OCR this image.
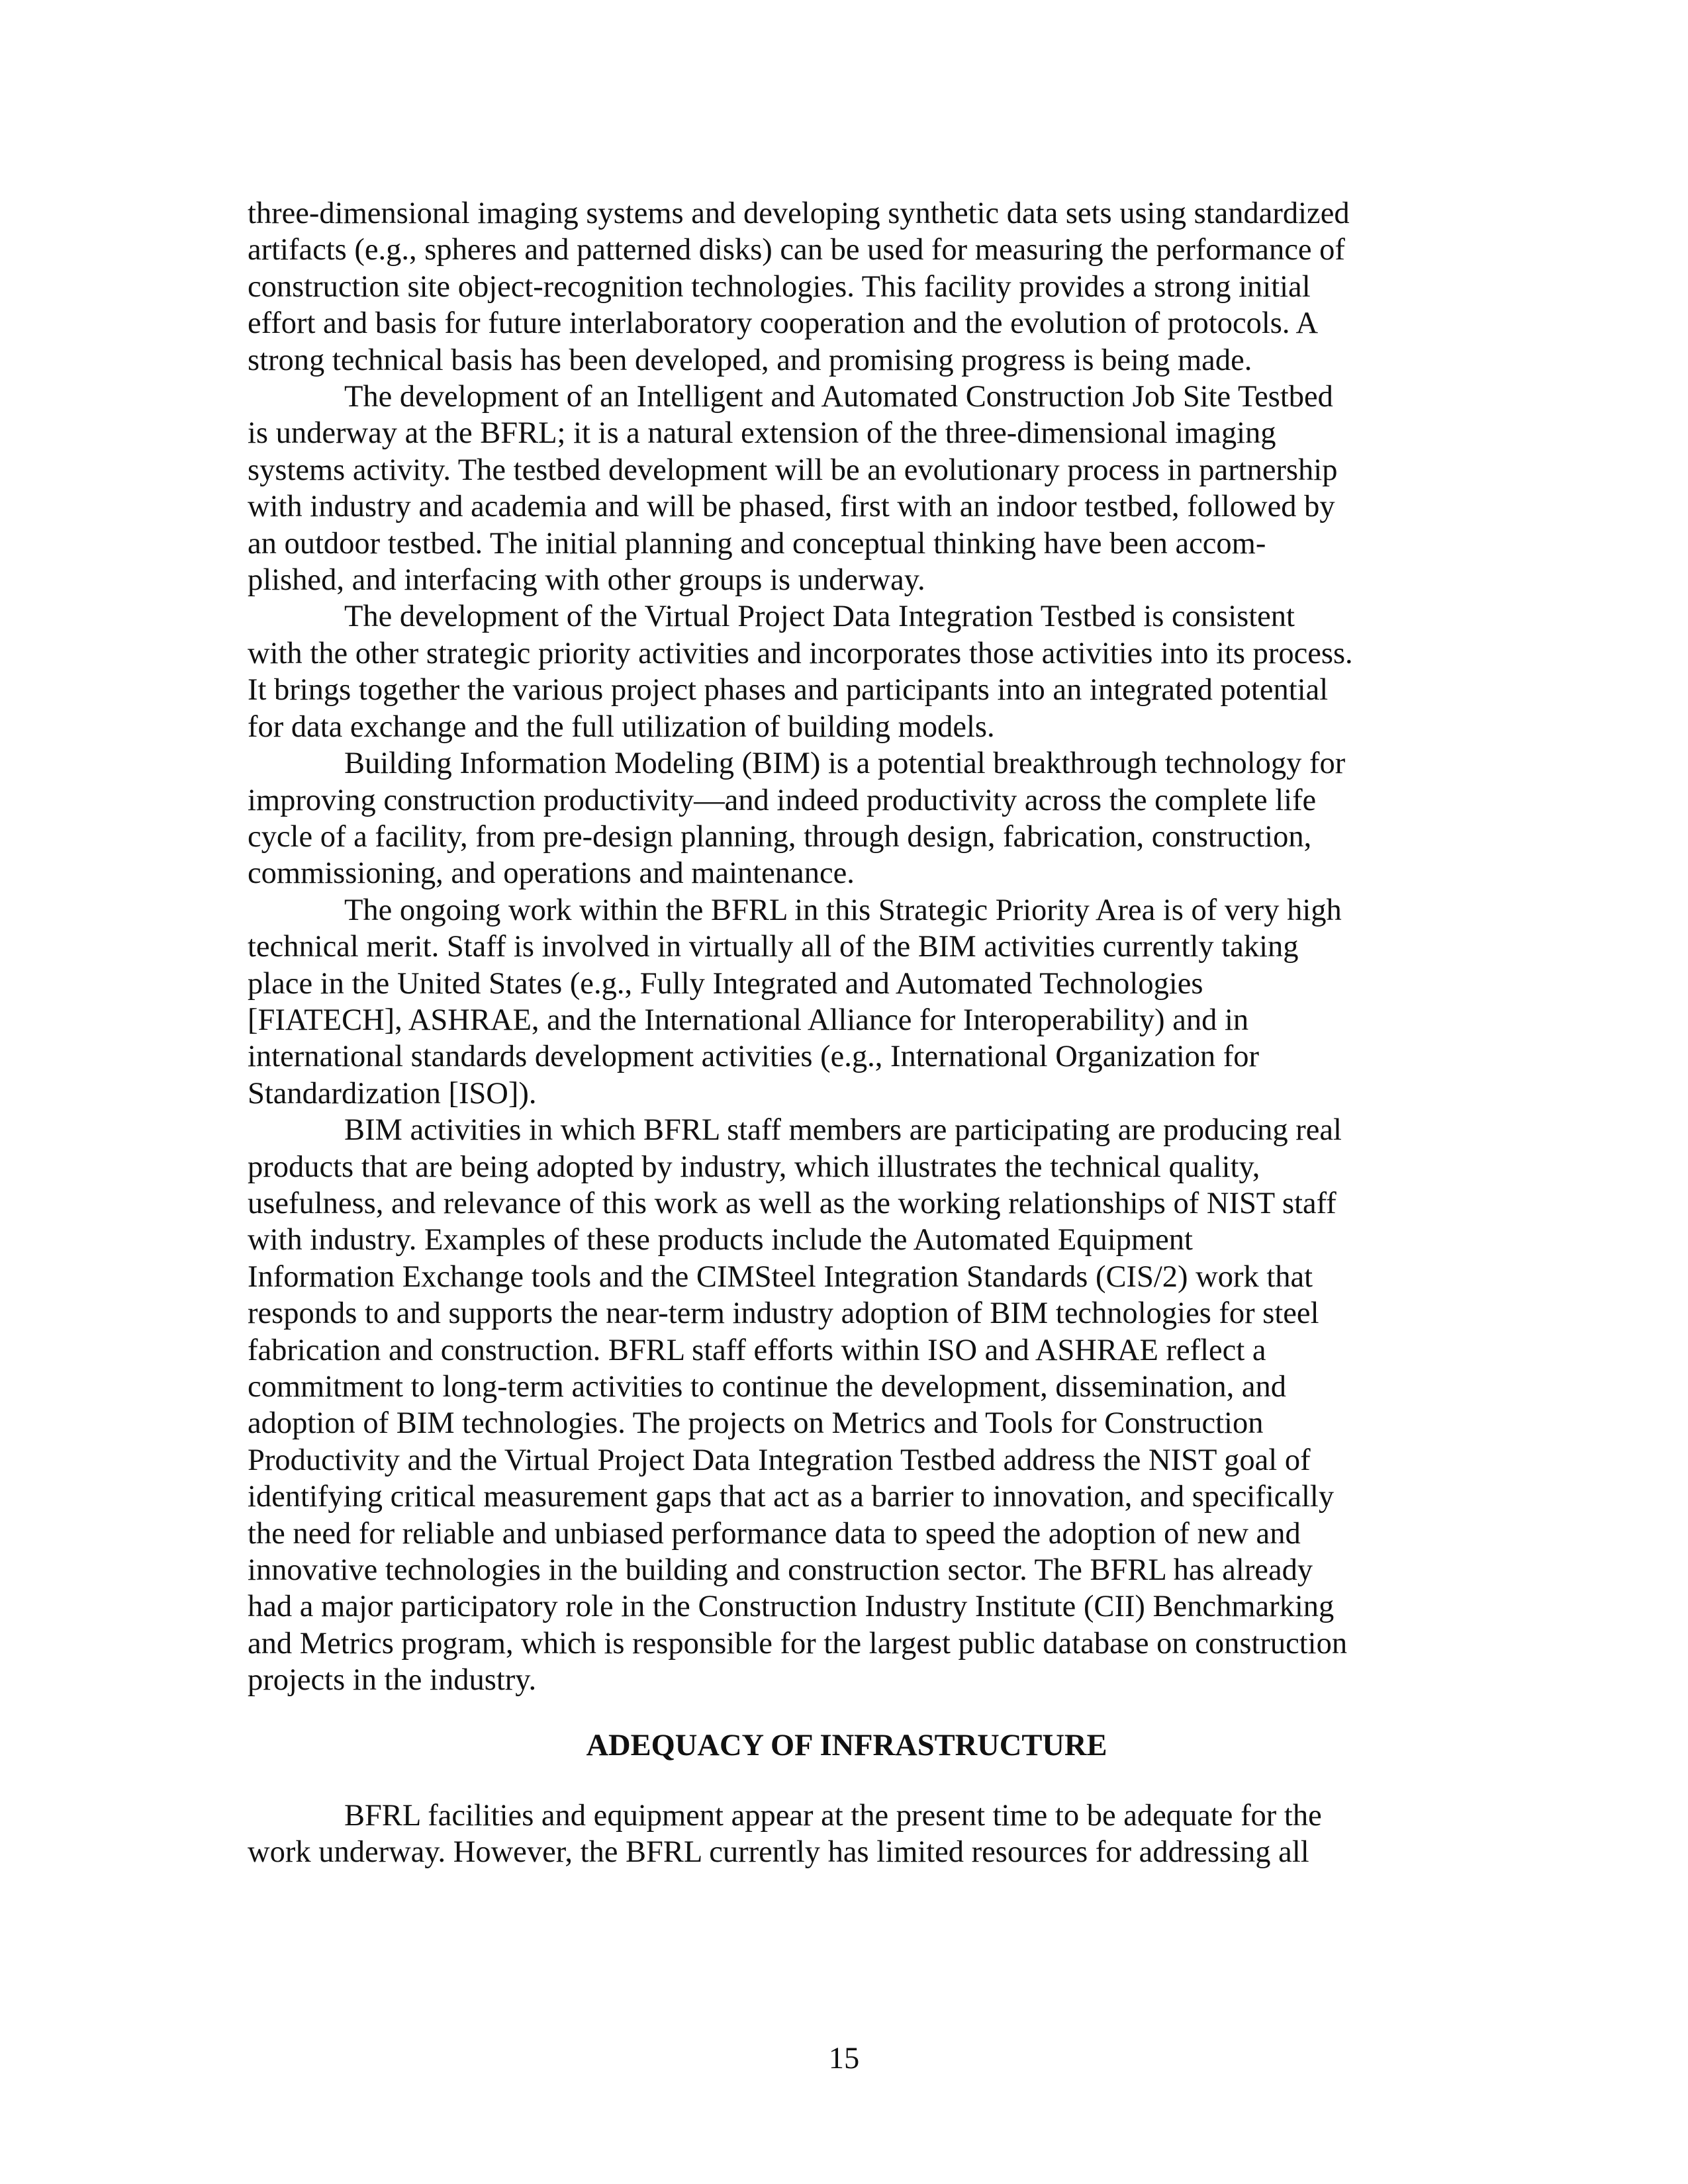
three-dimensional imaging systems and developing synthetic data sets using standardized
artifacts (e.g., spheres and patterned disks) can be used for measuring the performance of
construction site object-recognition technologies. This facility provides a strong initial
effort and basis for future interlaboratory cooperation and the evolution of protocols. A
strong technical basis has been developed, and promising progress is being made.

The development of an Intelligent and Automated Construction Job Site Testbed
is underway at the BFRL; it is a natural extension of the three-dimensional imaging
systems activity. The testbed development will be an evolutionary process in partnership
with industry and academia and will be phased, first with an indoor testbed, followed by
an outdoor testbed. The initial planning and conceptual thinking have been accom-
plished, and interfacing with other groups is underway.

The development of the Virtual Project Data Integration Testbed is consistent
with the other strategic priority activities and incorporates those activities into its process.
It brings together the various project phases and participants into an integrated potential
for data exchange and the full utilization of building models.

Building Information Modeling (BIM) is a potential breakthrough technology for
improving construction productivity—and indeed productivity across the complete life
cycle of a facility, from pre-design planning, through design, fabrication, construction,
commissioning, and operations and maintenance.

The ongoing work within the BFRL in this Strategic Priority Area is of very high
technical merit. Staff is involved in virtually all of the BIM activities currently taking
place in the United States (e.g., Fully Integrated and Automated Technologies
[FIATECH], ASHRAE, and the International Alliance for Interoperability) and in
international standards development activities (e.g., International Organization for
Standardization [ISO]).

BIM activities in which BFRL staff members are participating are producing real
products that are being adopted by industry, which illustrates the technical quality,
usefulness, and relevance of this work as well as the working relationships of NIST staff
with industry. Examples of these products include the Automated Equipment
Information Exchange tools and the CIMSteel Integration Standards (CIS/2) work that
responds to and supports the near-term industry adoption of BIM technologies for steel
fabrication and construction. BFRL staff efforts within ISO and ASHRAE reflect a
commitment to long-term activities to continue the development, dissemination, and
adoption of BIM technologies. The projects on Metrics and Tools for Construction
Productivity and the Virtual Project Data Integration Testbed address the NIST goal of
identifying critical measurement gaps that act as a barrier to innovation, and specifically
the need for reliable and unbiased performance data to speed the adoption of new and
innovative technologies in the building and construction sector. The BFRL has already
had a major participatory role in the Construction Industry Institute (CII) Benchmarking
and Metrics program, which is responsible for the largest public database on construction
projects in the industry.

ADEQUACY OF INFRASTRUCTURE

BFRL facilities and equipment appear at the present time to be adequate for the
work underway. However, the BFRL currently has limited resources for addressing all

15
